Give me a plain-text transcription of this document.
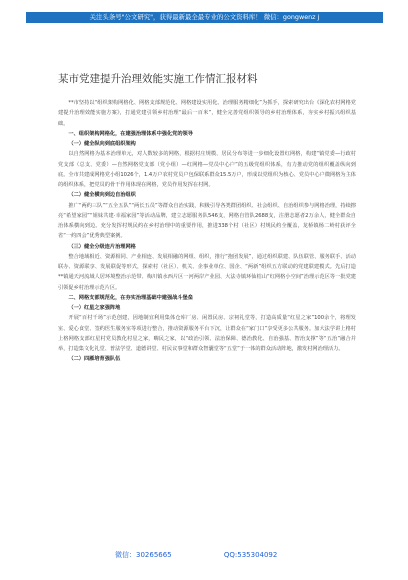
关注头条号"公文研究"，获得最新最全最专业的公文资料库！ 微信：gongwenz j
某市党建提升治理效能实施工作情汇报材料

**市坚持以“组织架构网格化、网格支部规范化、网格建设实用化、治理服务精细化”为抓手，探索研究出台《深化农村网格党建提升治理效能实施方案》，打通党建引领乡村治理“最后一百米”，健全完善党组织领导的乡村治理体系，夯实乡村振兴组织基础。

一、组织架构网格化，在建强治理体系中强化党的领导

（一）健全纵向到底组织架构

以自然网格为基本治理单元，对人数较多的网格，根据村庄规模、居民分布等进一步细化设置红网格，构建“镇党委—行政村党支部（总支、党委）—自然网格党支部（党小组）—红网格—党员中心户”的五级党组织体系，有力推动党的组织覆盖纵向到底。全市共建成网格党小组1026个，1.4万户农村党员户包保联系群众15.5万户，形成以党组织为核心、党员中心户微网格为主体的组织体系，把党员的骨干作用体现在网格，党员作用发挥在村网。

（二）健全横向到边自治组织

推广“两约三队”“五全五队”“两长五员”等群众自治实践，积极引导各类群团组织、社会组织、自治组织参与网格治理，持续擦亮“希望家园”“姐妹共建·幸福家园”等活动品牌，建立志愿服务队546支，网格自管队2688支，注册志愿者2万余人，健全群众自治体系横向到边。充分发挥村规民约在乡村治理中的重要作用，推进338个村（社区）村规民约全覆盖，龙桥镇杨二岭村获评全省“一约四会”优秀典型案例。

（三）健全分级连片治理网格

整合地域相近、资源相同、产业相连、发展相融的网组、组织，推行“抱团发展”，通过组织联建、队伍联管、服务联手、活动联办、资源联享、发展联促等形式，探索村（社区）、机关、企事业单位、国企、“两新”组织五方联动的党建联建模式。先后打造**镇通天河流域人居环境整治示范带、梅川镇水西片区一河两岸产业园、大法寺镇环仙桔山“红网格小空间”治理示范区等一批党建引领促乡村治理示范片区。

二、网格支部规范化，在夯实治理基础中建强战斗堡垒

（一）红星之家强阵地

开展“百村千场”示范创建，因地制宜利用集体仓库厂房、闲置民房、宗祠礼堂等，打造高质量“红星之家”100余个，将理发室、爱心食堂、签约医生服务室等项进行整合，推动资源服务平台下沉，让群众在“家门口”享受更多公共服务。加大法学讲上格村上格网格支部红星村党员教化村星之家，嗨民之家，以“政治引领、法治保障、德治教化、自治强基、智治支撑”等“五治”融合并举，打造集文化礼堂、普法学堂、道德讲堂、村民议事堂和群众智囊堂等“五堂”于一体的群众活动阵地，激发村网治理活力。

（二）四雁培育强队伍

微信：30265665	QQ:535304092
